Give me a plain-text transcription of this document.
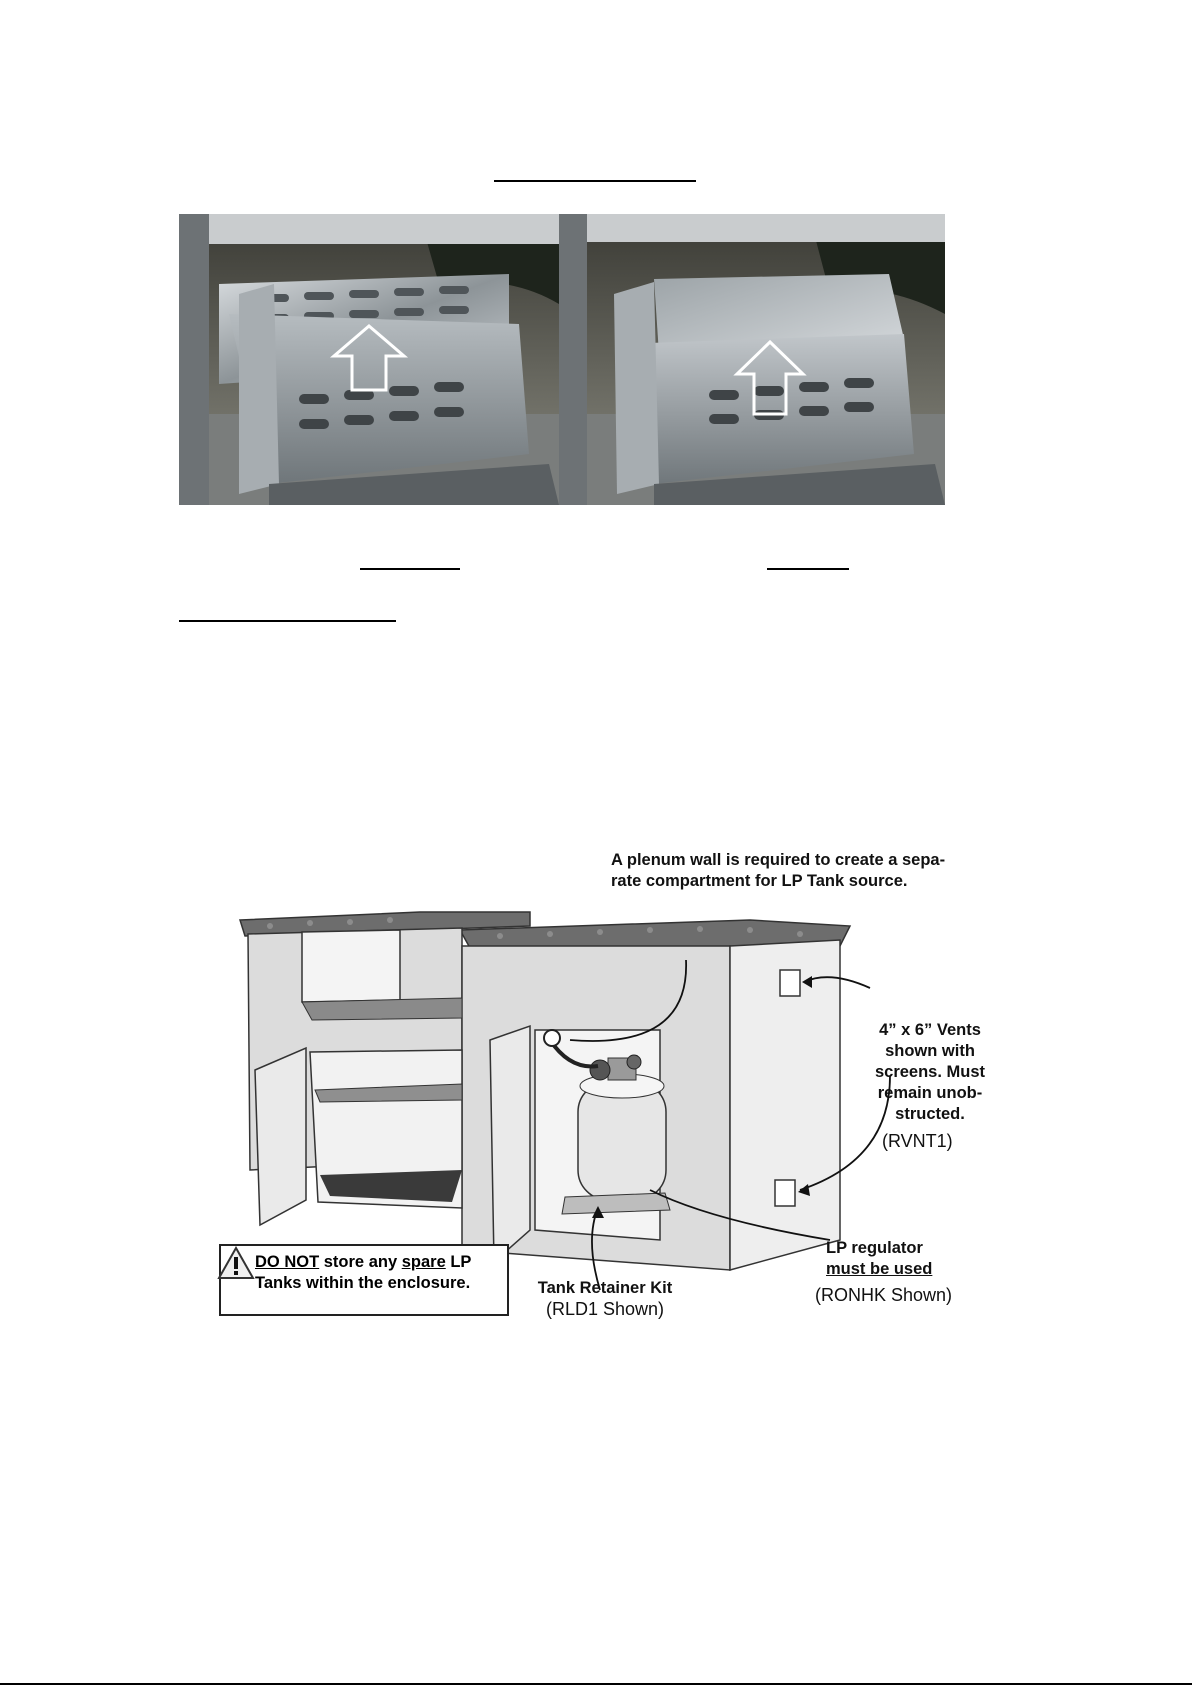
A plenum wall is required to create a sepa-
rate compartment for LP Tank source.
4” x 6” Vents
shown with
screens. Must
remain unob-
structed.
(RVNT1)
LP regulator
must be used
(RONHK Shown)
Tank Retainer Kit
(RLD1 Shown)
DO NOT store any spare LP
Tanks within the enclosure.
